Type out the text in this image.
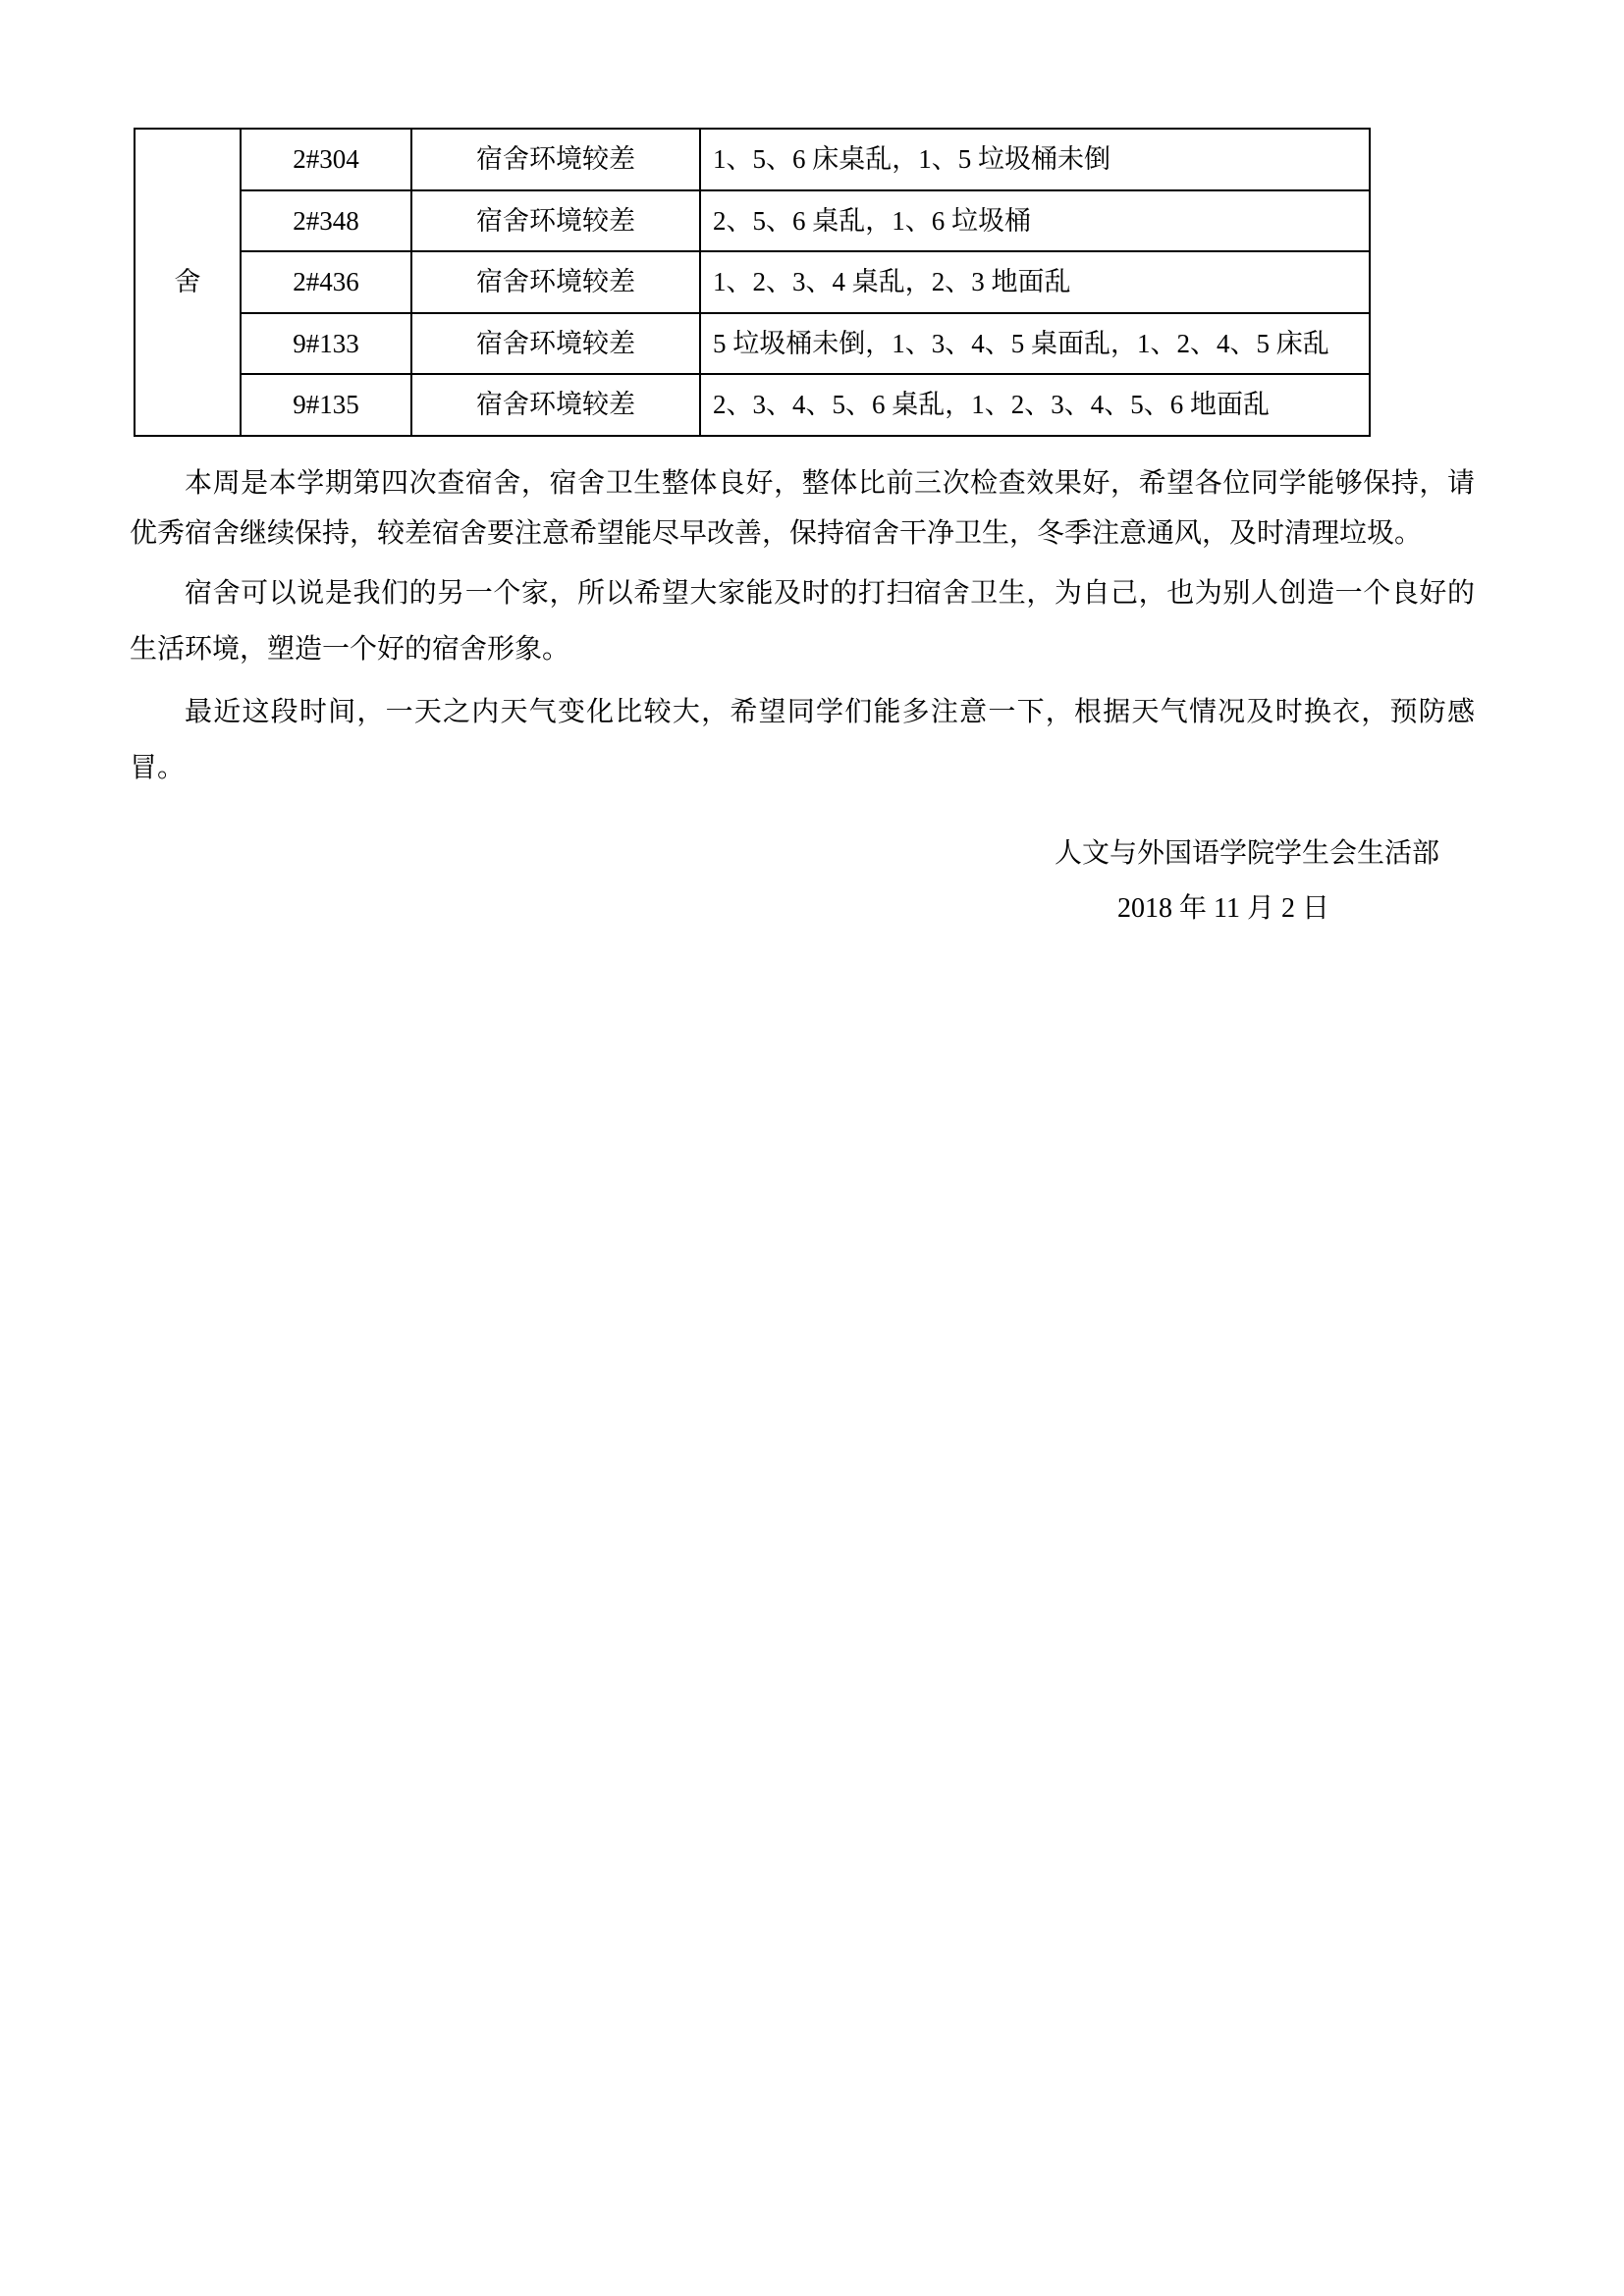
舍	2#304	宿舍环境较差	1、5、6 床桌乱，1、5 垃圾桶未倒
	2#348	宿舍环境较差	2、5、6 桌乱，1、6 垃圾桶
	2#436	宿舍环境较差	1、2、3、4 桌乱，2、3 地面乱
	9#133	宿舍环境较差	5 垃圾桶未倒，1、3、4、5 桌面乱，1、2、4、5 床乱
	9#135	宿舍环境较差	2、3、4、5、6 桌乱，1、2、3、4、5、6 地面乱

本周是本学期第四次查宿舍，宿舍卫生整体良好，整体比前三次检查效果好，希望各位同学能够保持，请优秀宿舍继续保持，较差宿舍要注意希望能尽早改善，保持宿舍干净卫生，冬季注意通风，及时清理垃圾。

宿舍可以说是我们的另一个家，所以希望大家能及时的打扫宿舍卫生，为自己，也为别人创造一个良好的生活环境，塑造一个好的宿舍形象。

最近这段时间，一天之内天气变化比较大，希望同学们能多注意一下，根据天气情况及时换衣，预防感冒。

人文与外国语学院学生会生活部
2018 年 11 月 2 日
